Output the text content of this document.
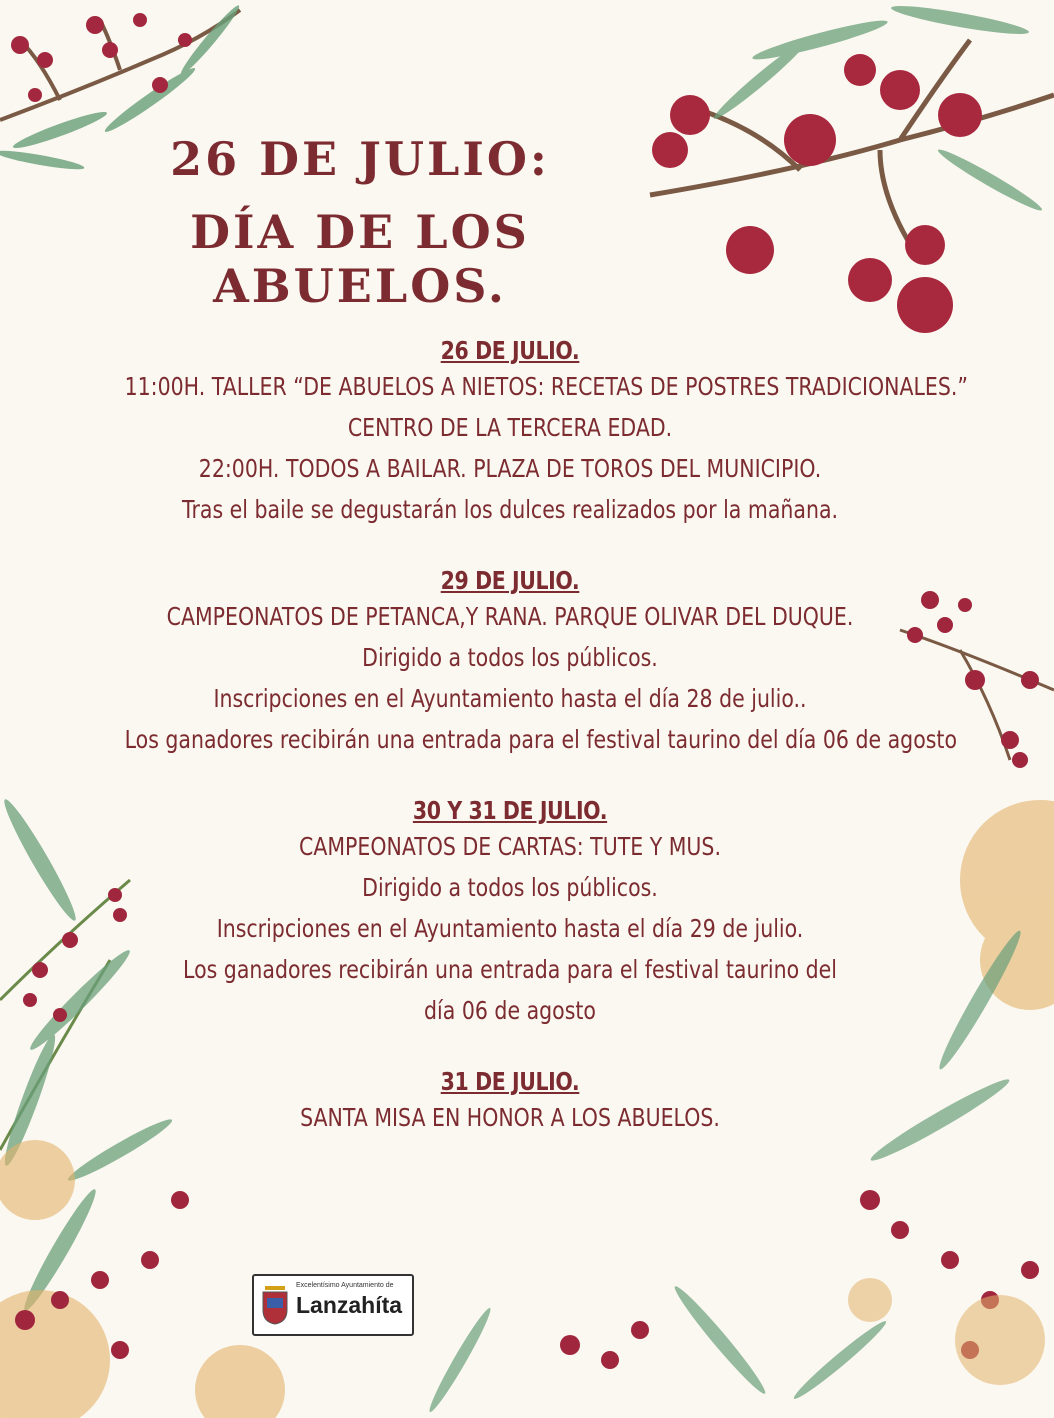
26 DE JULIO:
DÍA DE LOS ABUELOS.
26 DE JULIO.
11:00H. TALLER “DE ABUELOS A NIETOS: RECETAS DE POSTRES TRADICIONALES.”
CENTRO DE LA TERCERA EDAD.
22:00H. TODOS A BAILAR. PLAZA DE TOROS DEL MUNICIPIO.
Tras el baile se degustarán los dulces realizados por la mañana.
29 DE JULIO.
CAMPEONATOS DE PETANCA,Y RANA. PARQUE OLIVAR DEL DUQUE.
Dirigido a todos los públicos.
Inscripciones en el Ayuntamiento hasta el día 28 de julio..
Los ganadores recibirán una entrada para el festival taurino del día 06 de agosto
30 Y 31 DE JULIO.
CAMPEONATOS DE CARTAS: TUTE Y MUS.
Dirigido a todos los públicos.
Inscripciones en el Ayuntamiento hasta el día 29 de julio.
Los ganadores recibirán una entrada para el festival taurino del
día 06 de agosto
31 DE JULIO.
SANTA MISA EN HONOR A LOS ABUELOS.
Excelentísimo Ayuntamiento de
Lanzahíta
